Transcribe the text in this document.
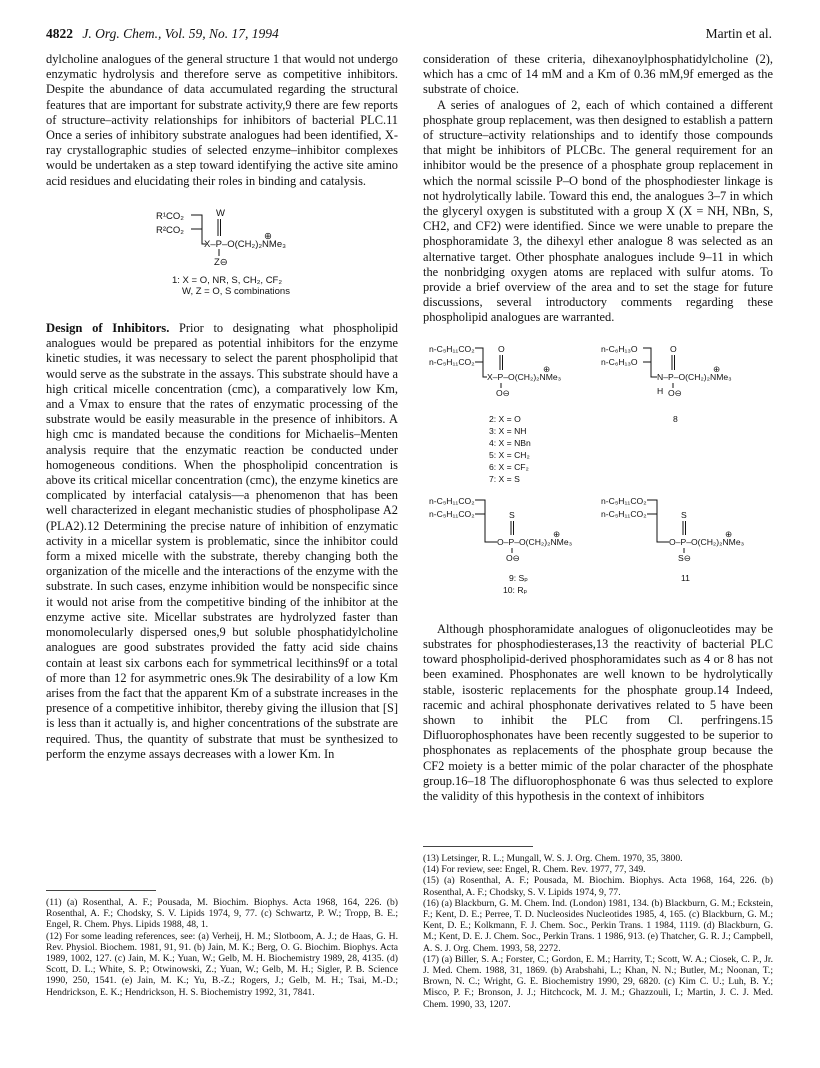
4822 J. Org. Chem., Vol. 59, No. 17, 1994	Martin et al.

dylcholine analogues of the general structure 1 that would not undergo enzymatic hydrolysis and therefore serve as competitive inhibitors. Despite the abundance of data accumulated regarding the structural features that are important for substrate activity,9 there are few reports of structure–activity relationships for inhibitors of bacterial PLC.11 Once a series of inhibitory substrate analogues had been identified, X-ray crystallographic studies of selected enzyme–inhibitor complexes would be undertaken as a step toward identifying the active site amino acid residues and elucidating their roles in binding and catalysis.

R¹CO₂
R²CO₂
W
X–P–O(CH₂)₂NMe₃
⊕
Z⊖
1: X = O, NR, S, CH₂, CF₂
W, Z = O, S combinations

Design of Inhibitors. Prior to designating what phospholipid analogues would be prepared as potential inhibitors for the enzyme kinetic studies, it was necessary to select the parent phospholipid that would serve as the substrate in the assays. This substrate should have a high critical micelle concentration (cmc), a comparatively low Km, and a Vmax to ensure that the rates of enzymatic processing of the substrate would be easily measurable in the presence of inhibitors. A high cmc is mandated because the conditions for Michaelis–Menten analysis require that the enzymatic reaction be conducted under homogeneous conditions. When the phospholipid concentration is above its critical micellar concentration (cmc), the enzyme kinetics are complicated by interfacial catalysis—a phenomenon that has been well characterized in elegant mechanistic studies of phospholipase A2 (PLA2).12 Determining the precise nature of inhibition of enzymatic activity in a micellar system is problematic, since the inhibitor could form a mixed micelle with the substrate, thereby changing both the organization of the micelle and the interactions of the enzyme with the substrate. In such cases, enzyme inhibition would be nonspecific since it would not arise from the competitive binding of the inhibitor at the enzyme active site. Micellar substrates are hydrolyzed faster than monomolecularly dispersed ones,9 but soluble phosphatidylcholine analogues are good substrates provided the fatty acid side chains contain at least six carbons each for symmetrical lecithins9f or a total of more than 12 for asymmetric ones.9k The desirability of a low Km arises from the fact that the apparent Km of a substrate increases in the presence of a competitive inhibitor, thereby giving the illusion that [S] is less than it actually is, and higher concentrations of the substrate are required. Thus, the quantity of substrate that must be synthesized to perform the enzyme assays decreases with a lower Km. In

(11) (a) Rosenthal, A. F.; Pousada, M. Biochim. Biophys. Acta 1968, 164, 226. (b) Rosenthal, A. F.; Chodsky, S. V. Lipids 1974, 9, 77. (c) Schwartz, P. W.; Tropp, B. E.; Engel, R. Chem. Phys. Lipids 1988, 48, 1.

(12) For some leading references, see: (a) Verheij, H. M.; Slotboom, A. J.; de Haas, G. H. Rev. Physiol. Biochem. 1981, 91, 91. (b) Jain, M. K.; Berg, O. G. Biochim. Biophys. Acta 1989, 1002, 127. (c) Jain, M. K.; Yuan, W.; Gelb, M. H. Biochemistry 1989, 28, 4135. (d) Scott, D. L.; White, S. P.; Otwinowski, Z.; Yuan, W.; Gelb, M. H.; Sigler, P. B. Science 1990, 250, 1541. (e) Jain, M. K.; Yu, B.-Z.; Rogers, J.; Gelb, M. H.; Tsai, M.-D.; Hendrickson, E. K.; Hendrickson, H. S. Biochemistry 1992, 31, 7841.

consideration of these criteria, dihexanoylphosphatidylcholine (2), which has a cmc of 14 mM and a Km of 0.36 mM,9f emerged as the substrate of choice.

A series of analogues of 2, each of which contained a different phosphate group replacement, was then designed to establish a pattern of structure–activity relationships and to identify those compounds that might be inhibitors of PLCBc. The general requirement for an inhibitor would be the presence of a phosphate group replacement in which the normal scissile P–O bond of the phosphodiester linkage is not hydrolytically labile. Toward this end, the analogues 3–7 in which the glyceryl oxygen is substituted with a group X (X = NH, NBn, S, CH2, and CF2) were identified. Since we were unable to prepare the phosphoramidate 3, the dihexyl ether analogue 8 was selected as an alternative target. Other phosphate analogues include 9–11 in which the nonbridging oxygen atoms are replaced with sulfur atoms. To provide a brief overview of the area and to set the stage for future discussions, several introductory comments regarding these phospholipid analogues are warranted.

n-C₅H₁₁CO₂
n-C₅H₁₁CO₂
O
X–P–O(CH₂)₂NMe₃
⊕
O⊖
n-C₆H₁₃O
n-C₆H₁₃O
O
N–P–O(CH₂)₂NMe₃
⊕
H O⊖
8
2: X = O
3: X = NH
4: X = NBn
5: X = CH₂
6: X = CF₂
7: X = S
n-C₅H₁₁CO₂
n-C₅H₁₁CO₂	S
O–P–O(CH₂)₂NMe₃
⊕
O⊖
9: Sₚ
10: Rₚ
n-C₅H₁₁CO₂
n-C₅H₁₁CO₂	S
O–P–O(CH₂)₂NMe₃
⊕
S⊖
11

Although phosphoramidate analogues of oligonucleotides may be substrates for phosphodiesterases,13 the reactivity of bacterial PLC toward phospholipid-derived phosphoramidates such as 4 or 8 has not been examined. Phosphonates are well known to be hydrolytically stable, isosteric replacements for the phosphate group.14 Indeed, racemic and achiral phosphonate derivatives related to 5 have been shown to inhibit the PLC from Cl. perfringens.15 Difluorophosphonates have been recently suggested to be superior to phosphonates as replacements of the phosphate group because the CF2 moiety is a better mimic of the polar character of the phosphate group.16–18 The difluorophosphonate 6 was thus selected to explore the validity of this hypothesis in the context of inhibitors

(13) Letsinger, R. L.; Mungall, W. S. J. Org. Chem. 1970, 35, 3800.

(14) For review, see: Engel, R. Chem. Rev. 1977, 77, 349.

(15) (a) Rosenthal, A. F.; Pousada, M. Biochim. Biophys. Acta 1968, 164, 226. (b) Rosenthal, A. F.; Chodsky, S. V. Lipids 1974, 9, 77.

(16) (a) Blackburn, G. M. Chem. Ind. (London) 1981, 134. (b) Blackburn, G. M.; Eckstein, F.; Kent, D. E.; Perree, T. D. Nucleosides Nucleotides 1985, 4, 165. (c) Blackburn, G. M.; Kent, D. E.; Kolkmann, F. J. Chem. Soc., Perkin Trans. 1 1984, 1119. (d) Blackburn, G. M.; Kent, D. E. J. Chem. Soc., Perkin Trans. 1 1986, 913. (e) Thatcher, G. R. J.; Campbell, A. S. J. Org. Chem. 1993, 58, 2272.

(17) (a) Biller, S. A.; Forster, C.; Gordon, E. M.; Harrity, T.; Scott, W. A.; Ciosek, C. P., Jr. J. Med. Chem. 1988, 31, 1869. (b) Arabshahi, L.; Khan, N. N.; Butler, M.; Noonan, T.; Brown, N. C.; Wright, G. E. Biochemistry 1990, 29, 6820. (c) Kim C. U.; Luh, B. Y.; Misco, P. F.; Bronson, J. J.; Hitchcock, M. J. M.; Ghazzouli, I.; Martin, J. C. J. Med. Chem. 1990, 33, 1207.
